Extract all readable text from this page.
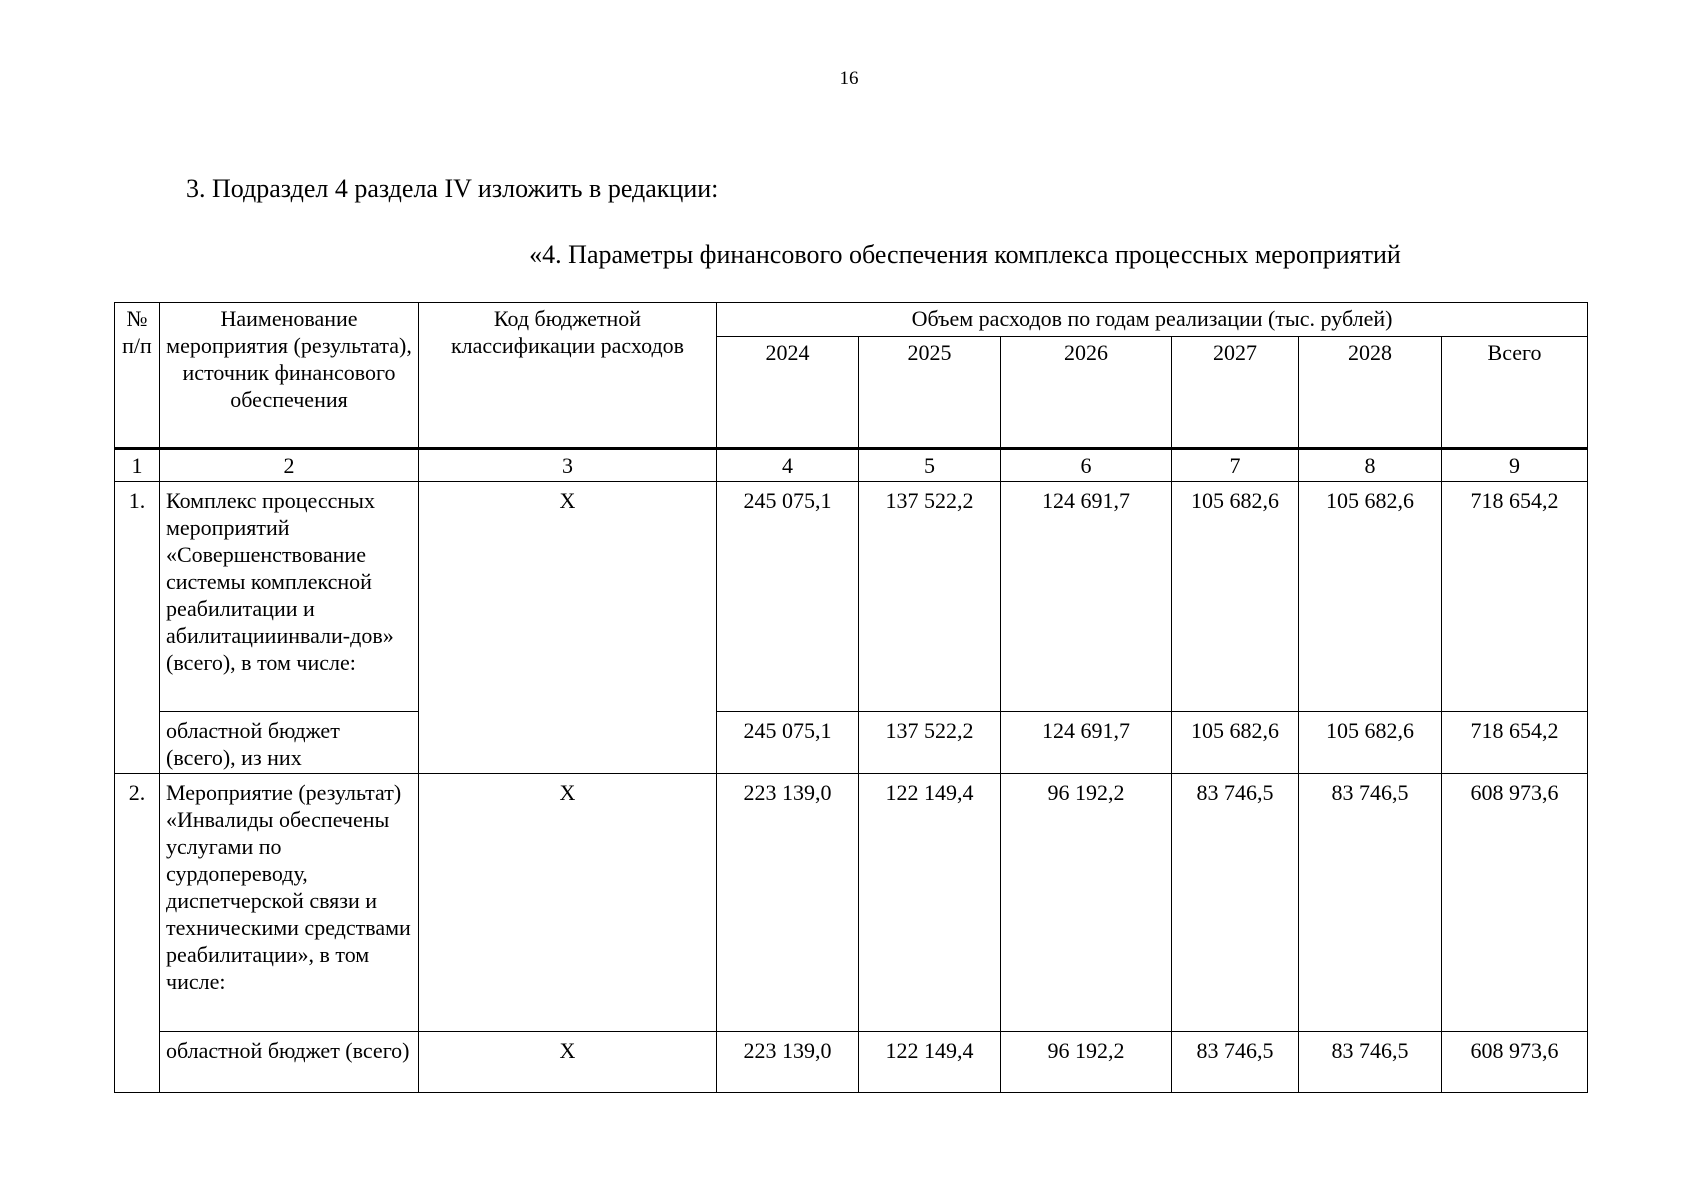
16
3. Подраздел 4 раздела IV изложить в редакции:
«4. Параметры финансового обеспечения комплекса процессных мероприятий
№ п/п	Наименование мероприятия (результата), источник финансового обеспечения	Код бюджетной классификации расходов	Объем расходов по годам реализации (тыс. рублей)					
			2024	2025	2026	2027	2028	Всего
1	2	3	4	5	6	7	8	9
1.	Комплекс процессных мероприятий «Совершенствование системы комплексной реабилитации и абилитацииинвали-дов» (всего), в том числе:	X	245 075,1	137 522,2	124 691,7	105 682,6	105 682,6	718 654,2
	областной бюджет (всего), из них		245 075,1	137 522,2	124 691,7	105 682,6	105 682,6	718 654,2
2.	Мероприятие (результат) «Инвалиды обеспечены услугами по сурдопереводу, диспетчерской связи и техническими средствами реабилитации», в том числе:	X	223 139,0	122 149,4	96 192,2	83 746,5	83 746,5	608 973,6
	областной бюджет (всего)	X	223 139,0	122 149,4	96 192,2	83 746,5	83 746,5	608 973,6
